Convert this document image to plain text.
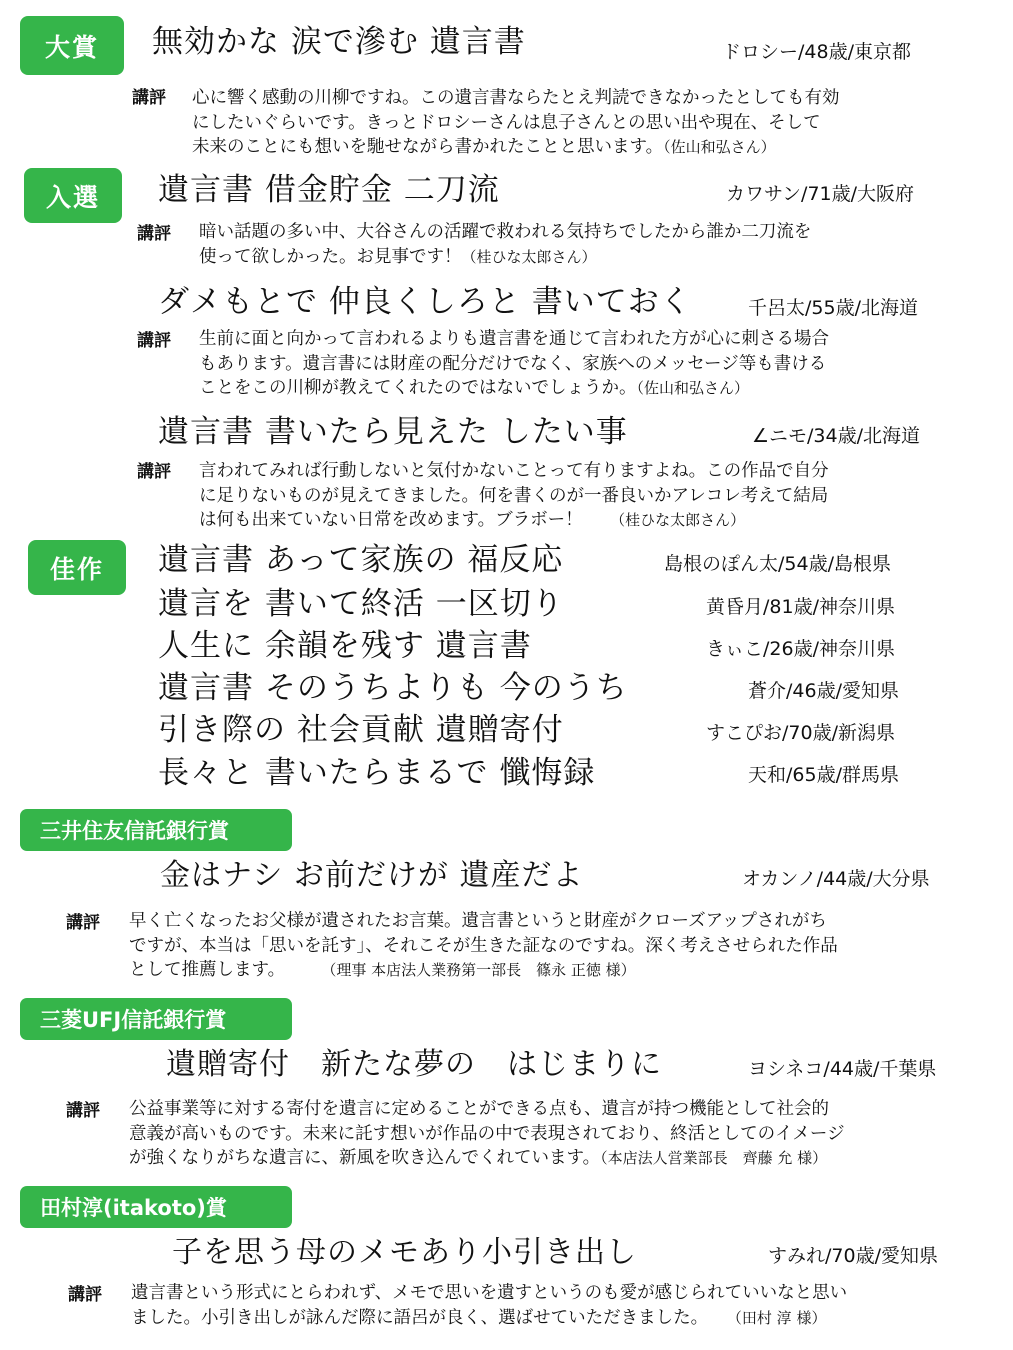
大賞	無効かな 涙で滲む 遺言書	ドロシー/48歳/東京都
講評 心に響く感動の川柳ですね。この遺言書ならたとえ判読できなかったとしても有効
にしたいぐらいです。きっとドロシーさんは息子さんとの思い出や現在、そして
未来のことにも想いを馳せながら書かれたことと思います。（佐山和弘さん）
入選	遺言書 借金貯金 二刀流	カワサン/71歳/大阪府
講評 暗い話題の多い中、大谷さんの活躍で救われる気持ちでしたから誰か二刀流を
使って欲しかった。お見事です！（桂ひな太郎さん）
ダメもとで 仲良くしろと 書いておく	千呂太/55歳/北海道
講評 生前に面と向かって言われるよりも遺言書を通じて言われた方が心に刺さる場合
もあります。遺言書には財産の配分だけでなく、家族へのメッセージ等も書ける
ことをこの川柳が教えてくれたのではないでしょうか。（佐山和弘さん）
遺言書 書いたら見えた したい事	∠ニモ/34歳/北海道
講評 言われてみれば行動しないと気付かないことって有りますよね。この作品で自分
に足りないものが見えてきました。何を書くのが一番良いかアレコレ考えて結局
は何も出来ていない日常を改めます。ブラボー！　　（桂ひな太郎さん）
佳作	遺言書 あって家族の 福反応	島根のぽん太/54歳/島根県
遺言を 書いて終活 一区切り	黄昏月/81歳/神奈川県
人生に 余韻を残す 遺言書	きぃこ/26歳/神奈川県
遺言書 そのうちよりも 今のうち	蒼介/46歳/愛知県
引き際の 社会貢献 遺贈寄付	すこぴお/70歳/新潟県
長々と 書いたらまるで 懺悔録	天和/65歳/群馬県
三井住友信託銀行賞
金はナシ お前だけが 遺産だよ	オカンノ/44歳/大分県
講評 早く亡くなったお父様が遺されたお言葉。遺言書というと財産がクローズアップされがち
ですが、本当は「思いを託す」、それこそが生きた証なのですね。深く考えさせられた作品
として推薦します。　　　（理事 本店法人業務第一部長　篠永 正徳 様）
三菱UFJ信託銀行賞
遺贈寄付　新たな夢の　はじまりに	ヨシネコ/44歳/千葉県
講評 公益事業等に対する寄付を遺言に定めることができる点も、遺言が持つ機能として社会的
意義が高いものです。未来に託す想いが作品の中で表現されており、終活としてのイメージ
が強くなりがちな遺言に、新風を吹き込んでくれています。（本店法人営業部長　齊藤 允 様）
田村淳(itakoto)賞
子を思う母のメモあり小引き出し	すみれ/70歳/愛知県
講評 遺言書という形式にとらわれず、メモで思いを遺すというのも愛が感じられていいなと思い
ました。小引き出しが詠んだ際に語呂が良く、選ばせていただきました。　　（田村 淳 様）
